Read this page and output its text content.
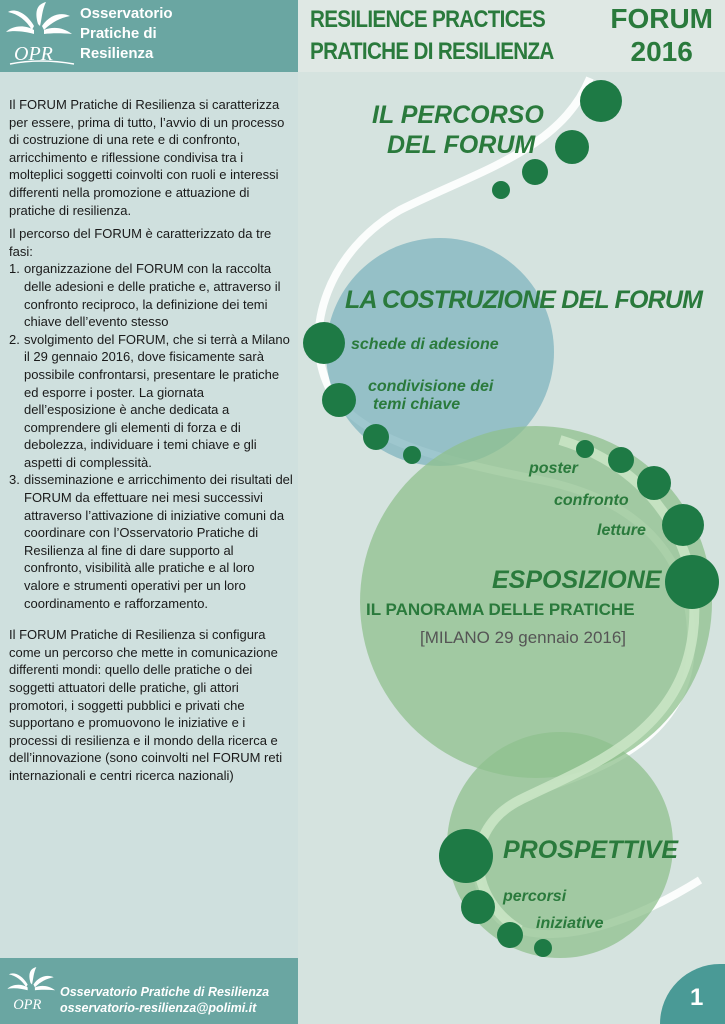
OPR
Osservatorio
Pratiche di
Resilienza

Il FORUM Pratiche di Resilienza si caratterizza per essere, prima di tutto, l’avvio di un processo di costruzione di una rete e di confronto, arricchimento e riflessione condivisa tra i molteplici soggetti coinvolti con ruoli e interessi differenti nella promozione e attuazione di pratiche di resilienza.

Il percorso del FORUM è caratterizzato da tre fasi:

1. organizzazione del FORUM con la raccolta delle adesioni e delle pratiche e, attraverso il confronto reciproco, la definizione dei temi chiave dell’evento stesso
2. svolgimento del FORUM, che si terrà a Milano il 29 gennaio 2016, dove fisicamente sarà possibile confrontarsi, presentare le pratiche ed esporre i poster. La giornata dell’esposizione è anche dedicata a comprendere gli elementi di forza e di debolezza, individuare i temi chiave e gli aspetti di complessità.
3. disseminazione e arricchimento dei risultati del FORUM da effettuare nei mesi successivi attraverso l’attivazione di iniziative comuni da coordinare con l’Osservatorio Pratiche di Resilienza al fine di dare supporto al confronto, visibilità alle pratiche e al loro valore e strumenti operativi per un loro coordinamento e rafforzamento.

Il FORUM Pratiche di Resilienza si configura come un percorso che mette in comunicazione differenti mondi: quello delle pratiche o dei soggetti attuatori delle pratiche, gli attori promotori, i soggetti pubblici e privati che supportano e promuovono le iniziative e i processi di resilienza e il mondo della ricerca e dell’innovazione (sono coinvolti nel FORUM reti internazionali e centri ricerca nazionali)

OPR
Osservatorio Pratiche di Resilienza
osservatorio-resilienza@polimi.it
RESILIENCE PRACTICES
PRATICHE DI RESILIENZA
FORUM
2016
IL PERCORSO
DEL FORUM
LA COSTRUZIONE DEL FORUM
schede di adesione
condivisione dei
temi chiave
poster
confronto
letture
ESPOSIZIONE
IL PANORAMA DELLE PRATICHE
[MILANO 29 gennaio 2016]
PROSPETTIVE
percorsi
iniziative
1
